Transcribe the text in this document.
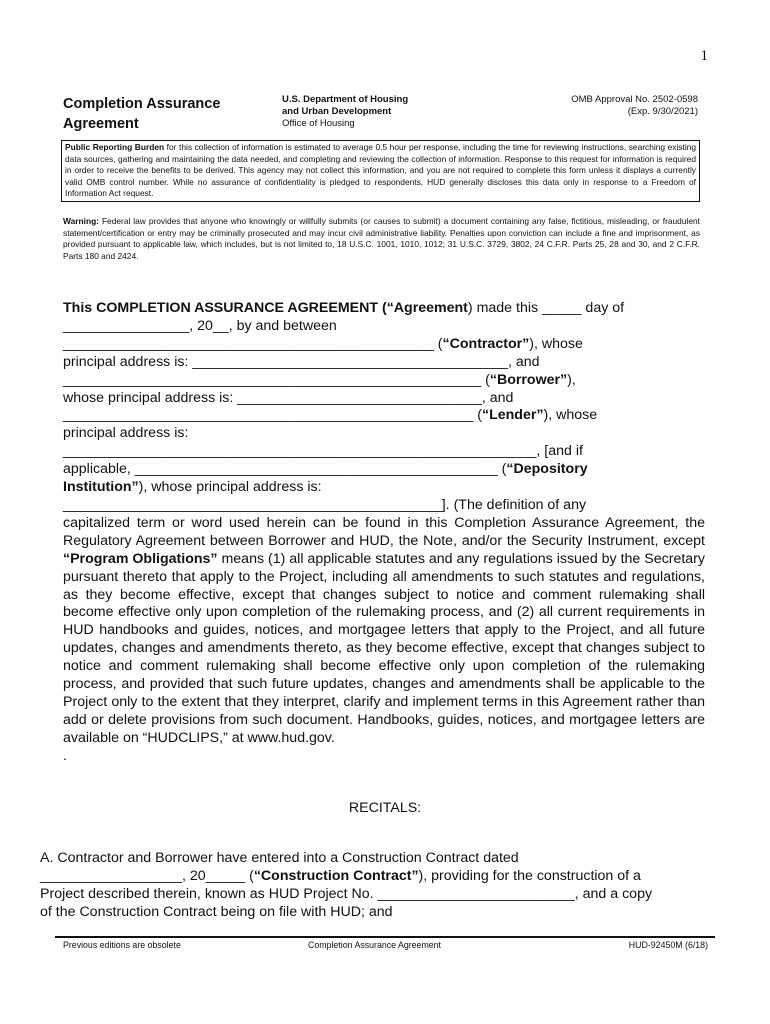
1
Completion Assurance
Agreement
U.S. Department of Housing
and Urban Development
Office of Housing
OMB Approval No. 2502-0598
(Exp. 9/30/2021)
Public Reporting Burden for this collection of information is estimated to average 0.5 hour per response, including the time for reviewing instructions, searching existing data sources, gathering and maintaining the data needed, and completing and reviewing the collection of information. Response to this request for information is required in order to receive the benefits to be derived. This agency may not collect this information, and you are not required to complete this form unless it displays a currently valid OMB control number. While no assurance of confidentiality is pledged to respondents, HUD generally discloses this data only in response to a Freedom of Information Act request.
Warning: Federal law provides that anyone who knowingly or willfully submits (or causes to submit) a document containing any false, fictitious, misleading, or fraudulent statement/certification or entry may be criminally prosecuted and may incur civil administrative liability. Penalties upon conviction can include a fine and imprisonment, as provided pursuant to applicable law, which includes, but is not limited to, 18 U.S.C. 1001, 1010, 1012; 31 U.S.C. 3729, 3802, 24 C.F.R. Parts 25, 28 and 30, and 2 C.F.R. Parts 180 and 2424.
This COMPLETION ASSURANCE AGREEMENT (“Agreement) made this _____ day of
________________, 20__, by and between
_______________________________________________ (“Contractor”), whose
principal address is: ________________________________________, and
_____________________________________________________ (“Borrower”),
whose principal address is: _______________________________, and
____________________________________________________ (“Lender”), whose
principal address is:
____________________________________________________________, [and if
applicable, ______________________________________________ (“Depository
Institution”), whose principal address is:
________________________________________________]. (The definition of any

capitalized term or word used herein can be found in this Completion Assurance Agreement, the Regulatory Agreement between Borrower and HUD, the Note, and/or the Security Instrument, except “Program Obligations” means (1) all applicable statutes and any regulations issued by the Secretary pursuant thereto that apply to the Project, including all amendments to such statutes and regulations, as they become effective, except that changes subject to notice and comment rulemaking shall become effective only upon completion of the rulemaking process, and (2) all current requirements in HUD handbooks and guides, notices, and mortgagee letters that apply to the Project, and all future updates, changes and amendments thereto, as they become effective, except that changes subject to notice and comment rulemaking shall become effective only upon completion of the rulemaking process, and provided that such future updates, changes and amendments shall be applicable to the Project only to the extent that they interpret, clarify and implement terms in this Agreement rather than add or delete provisions from such document. Handbooks, guides, notices, and mortgagee letters are available on “HUDCLIPS,” at www.hud.gov.

.
RECITALS:
A. Contractor and Borrower have entered into a Construction Contract dated
__________________, 20_____ (“Construction Contract”), providing for the construction of a
Project described therein, known as HUD Project No. _________________________, and a copy
of the Construction Contract being on file with HUD; and
Previous editions are obsolete	Completion Assurance Agreement	HUD-92450M (6/18)
